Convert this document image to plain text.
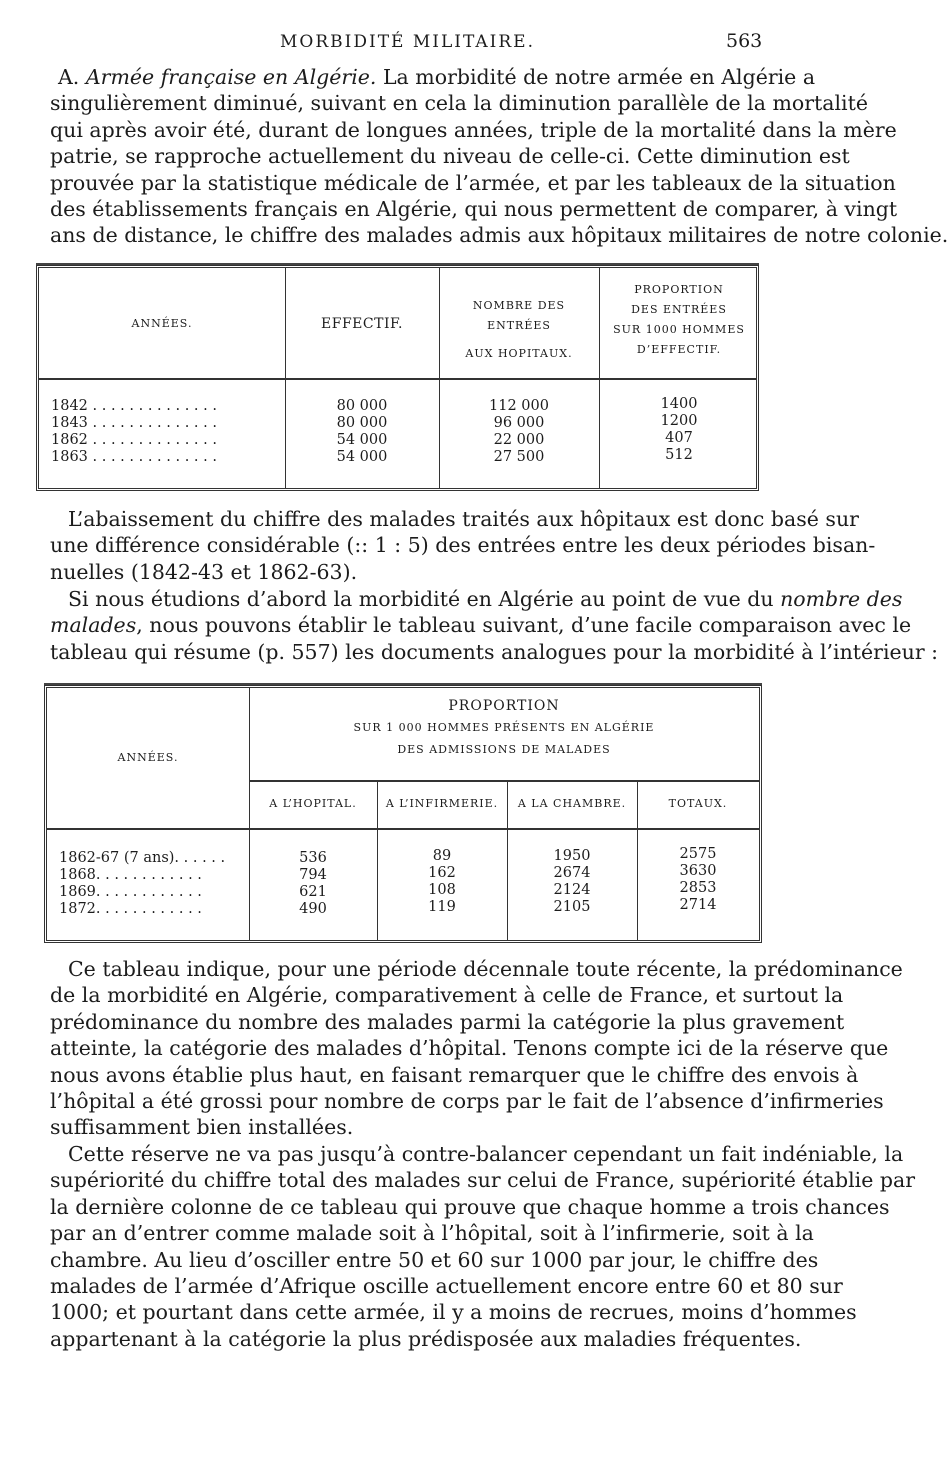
MORBIDITÉ MILITAIRE.	563
A. Armée française en Algérie. La morbidité de notre armée en Algérie a
singulièrement diminué, suivant en cela la diminution parallèle de la mortalité
qui après avoir été, durant de longues années, triple de la mortalité dans la mère
patrie, se rapproche actuellement du niveau de celle-ci. Cette diminution est
prouvée par la statistique médicale de l’armée, et par les tableaux de la situation
des établissements français en Algérie, qui nous permettent de comparer, à vingt
ans de distance, le chiffre des malades admis aux hôpitaux militaires de notre colonie.
ANNÉES.	EFFECTIF.
NOMBRE DES ENTRÉES
AUX HOPITAUX.
PROPORTION
DES ENTRÉES
SUR 1000 HOMMES
D’EFFECTIF.
1842 . . . . . . . . . . . . . .	80 000	112 000	1400
1843 . . . . . . . . . . . . . .	80 000	96 000	1200
1862 . . . . . . . . . . . . . .	54 000	22 000	407
1863 . . . . . . . . . . . . . .	54 000	27 500	512
L’abaissement du chiffre des malades traités aux hôpitaux est donc basé sur
une différence considérable (:: 1 : 5) des entrées entre les deux périodes bisan-
nuelles (1842-43 et 1862-63).
Si nous étudions d’abord la morbidité en Algérie au point de vue du nombre des
malades, nous pouvons établir le tableau suivant, d’une facile comparaison avec le
tableau qui résume (p. 557) les documents analogues pour la morbidité à l’intérieur :
ANNÉES.
PROPORTION
SUR 1 000 HOMMES PRÉSENTS EN ALGÉRIE
DES ADMISSIONS DE MALADES
A L’HOPITAL.	A L’INFIRMERIE.	A LA CHAMBRE.	TOTAUX.
1862-67 (7 ans). . . . . .	536	89	1950	2575
1868. . . . . . . . . . . .	794	162	2674	3630
1869. . . . . . . . . . . .	621	108	2124	2853
1872. . . . . . . . . . . .	490	119	2105	2714
Ce tableau indique, pour une période décennale toute récente, la prédominance
de la morbidité en Algérie, comparativement à celle de France, et surtout la
prédominance du nombre des malades parmi la catégorie la plus gravement
atteinte, la catégorie des malades d’hôpital. Tenons compte ici de la réserve que
nous avons établie plus haut, en faisant remarquer que le chiffre des envois à
l’hôpital a été grossi pour nombre de corps par le fait de l’absence d’infirmeries
suffisamment bien installées.
Cette réserve ne va pas jusqu’à contre-balancer cependant un fait indéniable, la
supériorité du chiffre total des malades sur celui de France, supériorité établie par
la dernière colonne de ce tableau qui prouve que chaque homme a trois chances
par an d’entrer comme malade soit à l’hôpital, soit à l’infirmerie, soit à la
chambre. Au lieu d’osciller entre 50 et 60 sur 1000 par jour, le chiffre des
malades de l’armée d’Afrique oscille actuellement encore entre 60 et 80 sur
1000; et pourtant dans cette armée, il y a moins de recrues, moins d’hommes
appartenant à la catégorie la plus prédisposée aux maladies fréquentes.
